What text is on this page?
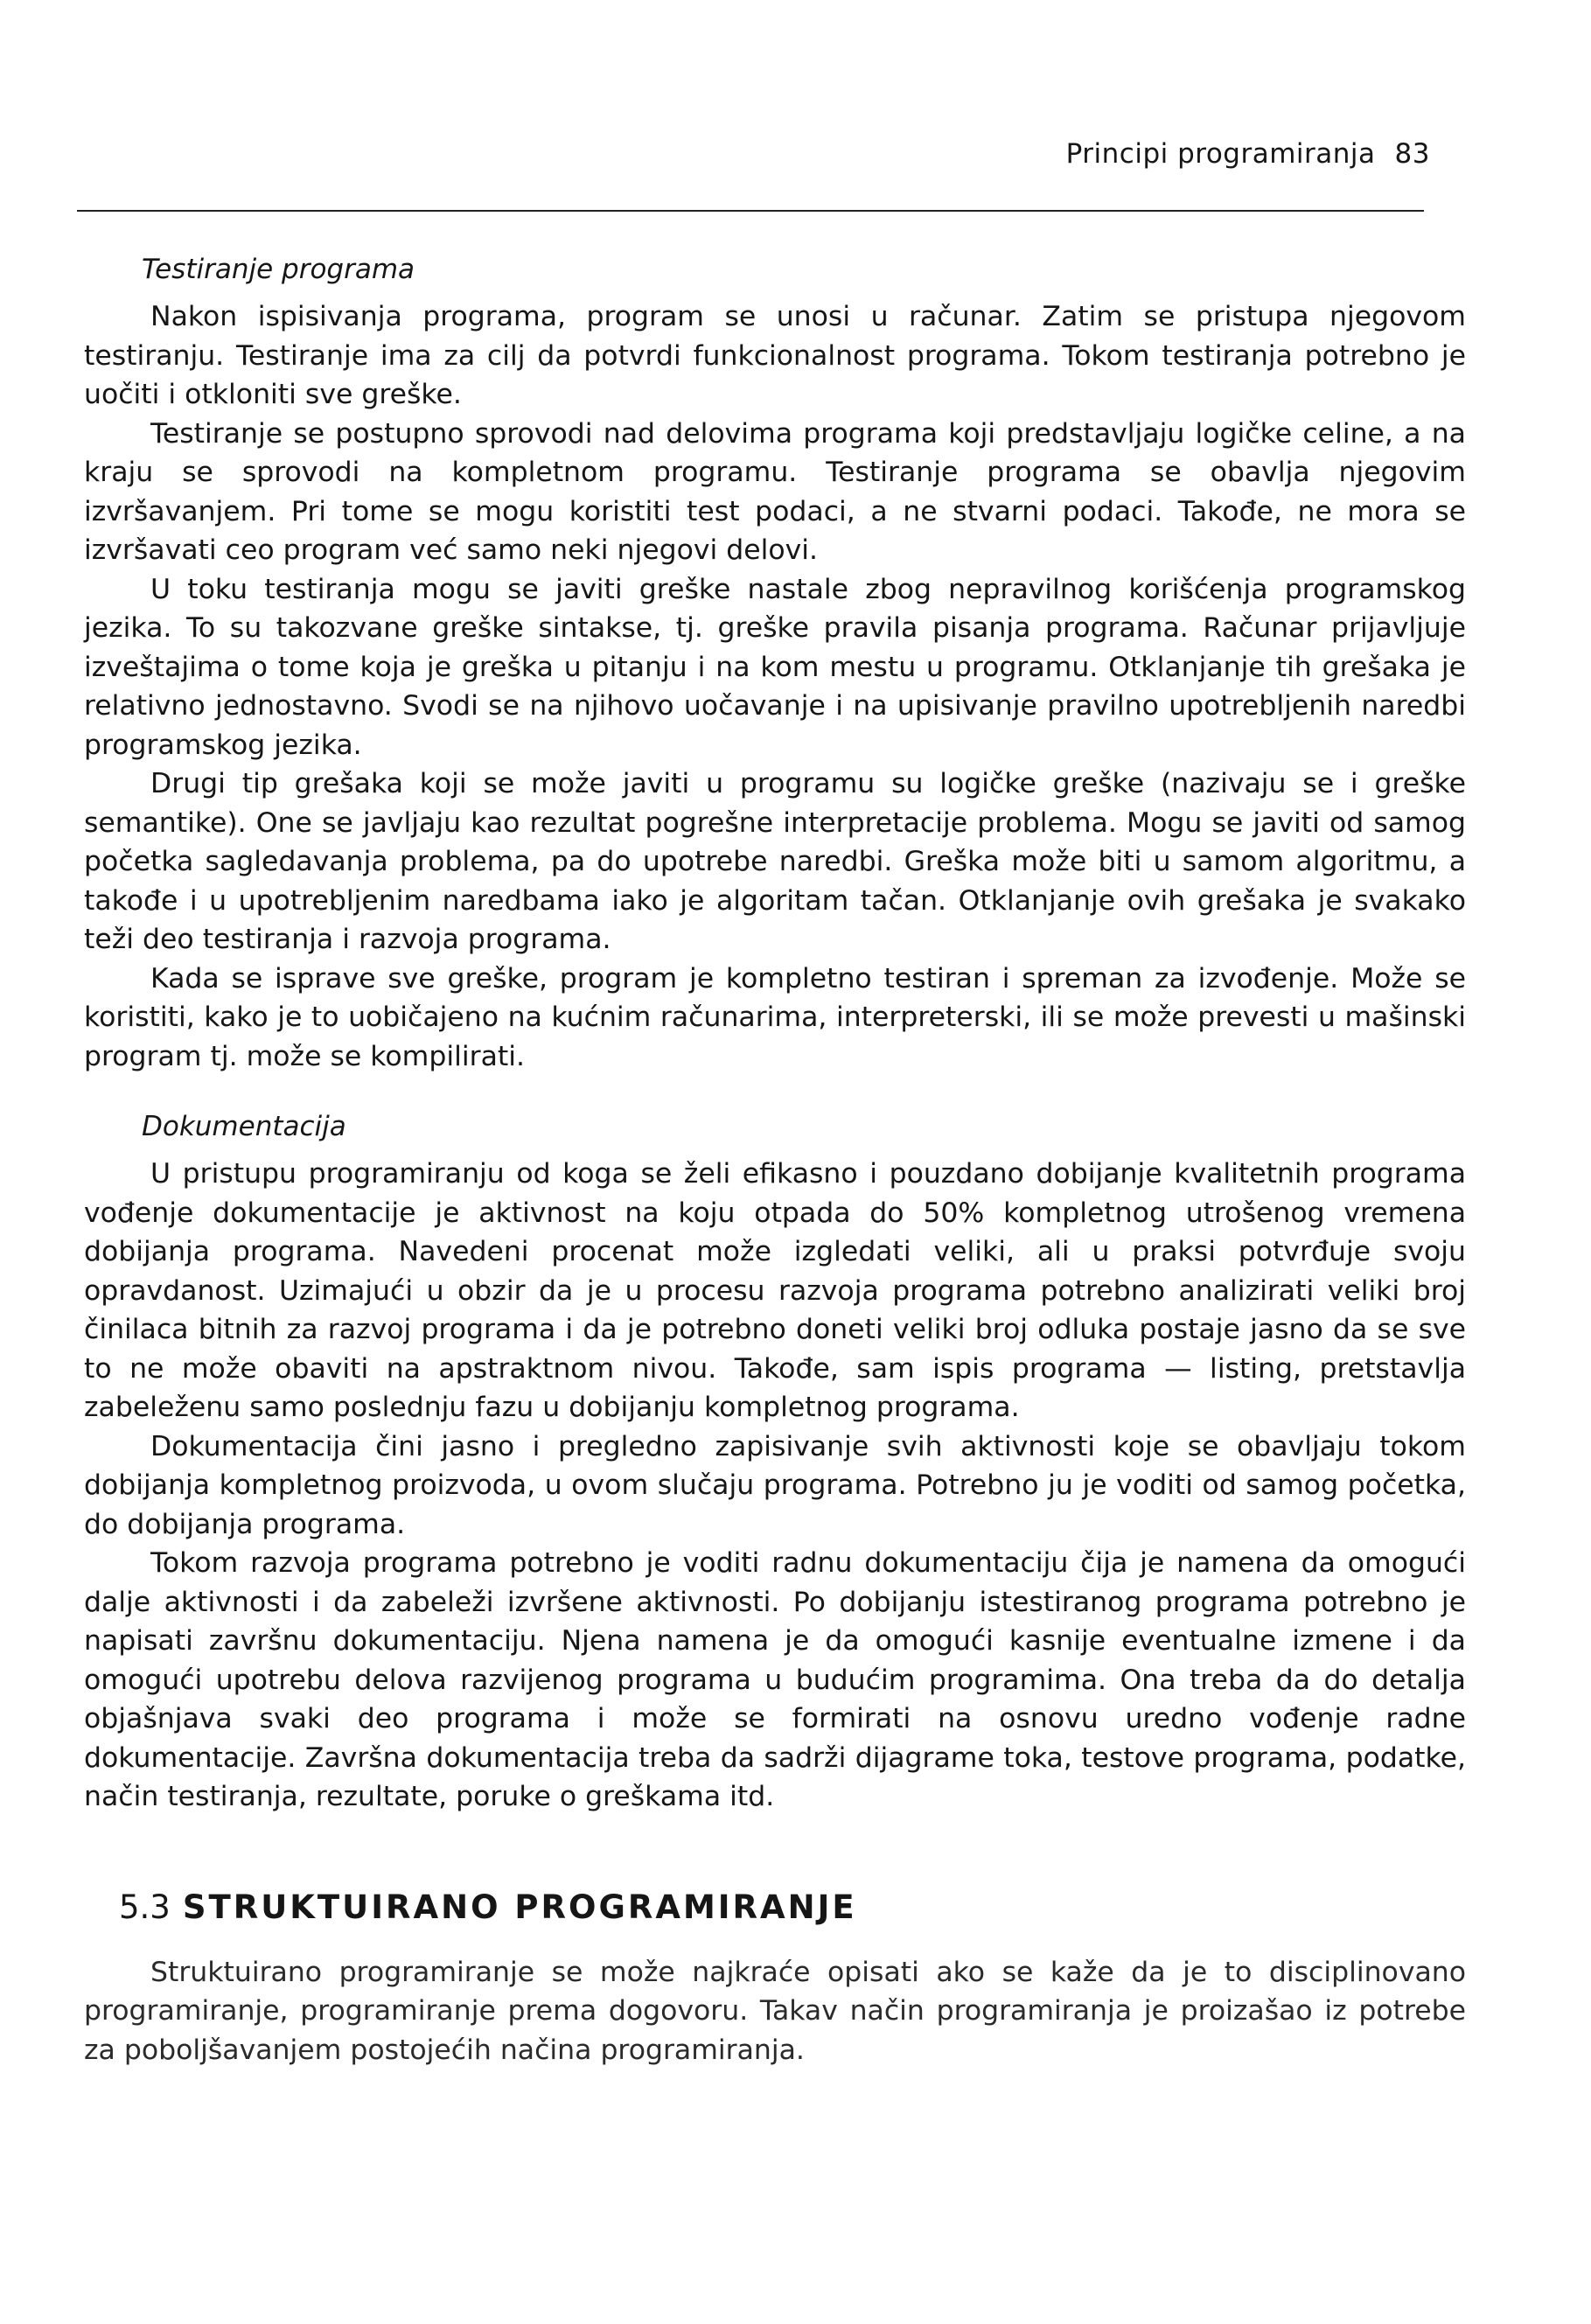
Principi programiranja 83
Testiranje programa

Nakon ispisivanja programa, program se unosi u računar. Zatim se pristupa njegovom testiranju. Testiranje ima za cilj da potvrdi funkcionalnost programa. Tokom testiranja potrebno je uočiti i otkloniti sve greške.

Testiranje se postupno sprovodi nad delovima programa koji predstavljaju logičke celine, a na kraju se sprovodi na kompletnom programu. Testiranje programa se obavlja njegovim izvršavanjem. Pri tome se mogu koristiti test podaci, a ne stvarni podaci. Takođe, ne mora se izvršavati ceo program već samo neki njegovi delovi.

U toku testiranja mogu se javiti greške nastale zbog nepravilnog korišćenja programskog jezika. To su takozvane greške sintakse, tj. greške pravila pisanja programa. Računar prijavljuje izveštajima o tome koja je greška u pitanju i na kom mestu u programu. Otklanjanje tih grešaka je relativno jednostavno. Svodi se na njihovo uočavanje i na upisivanje pravilno upotrebljenih naredbi programskog jezika.

Drugi tip grešaka koji se može javiti u programu su logičke greške (nazivaju se i greške semantike). One se javljaju kao rezultat pogrešne interpretacije problema. Mogu se javiti od samog početka sagledavanja problema, pa do upotrebe naredbi. Greška može biti u samom algoritmu, a takođe i u upotrebljenim naredbama iako je algoritam tačan. Otklanjanje ovih grešaka je svakako teži deo testiranja i razvoja programa.

Kada se isprave sve greške, program je kompletno testiran i spreman za izvođenje. Može se koristiti, kako je to uobičajeno na kućnim računarima, interpreterski, ili se može prevesti u mašinski program tj. može se kompilirati.

Dokumentacija

U pristupu programiranju od koga se želi efikasno i pouzdano dobijanje kvalitetnih programa vođenje dokumentacije je aktivnost na koju otpada do 50% kompletnog utrošenog vremena dobijanja programa. Navedeni procenat može izgledati veliki, ali u praksi potvrđuje svoju opravdanost. Uzimajući u obzir da je u procesu razvoja programa potrebno analizirati veliki broj činilaca bitnih za razvoj programa i da je potrebno doneti veliki broj odluka postaje jasno da se sve to ne može obaviti na apstraktnom nivou. Takođe, sam ispis programa — listing, pretstavlja zabeleženu samo poslednju fazu u dobijanju kompletnog programa.

Dokumentacija čini jasno i pregledno zapisivanje svih aktivnosti koje se obavljaju tokom dobijanja kompletnog proizvoda, u ovom slučaju programa. Potrebno ju je voditi od samog početka, do dobijanja programa.

Tokom razvoja programa potrebno je voditi radnu dokumentaciju čija je namena da omogući dalje aktivnosti i da zabeleži izvršene aktivnosti. Po dobijanju istestiranog programa potrebno je napisati završnu dokumentaciju. Njena namena je da omogući kasnije eventualne izmene i da omogući upotrebu delova razvijenog programa u budućim programima. Ona treba da do detalja objašnjava svaki deo programa i može se formirati na osnovu uredno vođenje radne dokumentacije. Završna dokumentacija treba da sadrži dijagrame toka, testove programa, podatke, način testiranja, rezultate, poruke o greškama itd.

5.3 STRUKTUIRANO PROGRAMIRANJE

Struktuirano programiranje se može najkraće opisati ako se kaže da je to disciplinovano programiranje, programiranje prema dogovoru. Takav način programiranja je proizašao iz potrebe za poboljšavanjem postojećih načina programiranja.
